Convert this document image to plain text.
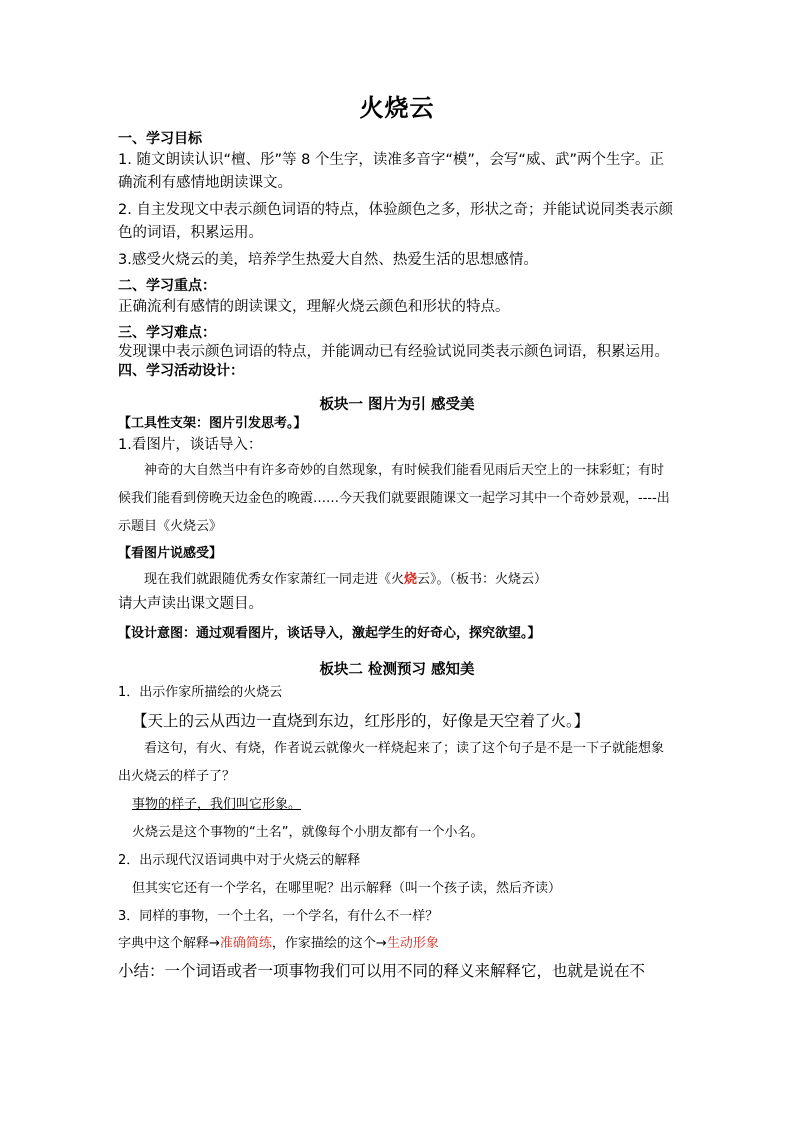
火烧云
一、学习目标
1. 随文朗读认识“檀、彤”等 8 个生字，读准多音字“模”，会写“威、武”两个生字。正确流利有感情地朗读课文。
2. 自主发现文中表示颜色词语的特点，体验颜色之多，形状之奇；并能试说同类表示颜色的词语，积累运用。
3.感受火烧云的美，培养学生热爱大自然、热爱生活的思想感情。
二、学习重点：
正确流利有感情的朗读课文，理解火烧云颜色和形状的特点。
三、学习难点：
发现课中表示颜色词语的特点，并能调动已有经验试说同类表示颜色词语，积累运用。
四、学习活动设计：
板块一 图片为引 感受美
【工具性支架：图片引发思考。】
1.看图片，谈话导入：
神奇的大自然当中有许多奇妙的自然现象，有时候我们能看见雨后天空上的一抹彩虹；有时候我们能看到傍晚天边金色的晚霞……今天我们就要跟随课文一起学习其中一个奇妙景观，----出示题目《火烧云》
【看图片说感受】
现在我们就跟随优秀女作家萧红一同走进《火烧云》。（板书：火烧云）
请大声读出课文题目。
【设计意图：通过观看图片，谈话导入，激起学生的好奇心，探究欲望。】
板块二 检测预习 感知美
1．出示作家所描绘的火烧云
【天上的云从西边一直烧到东边，红彤彤的，好像是天空着了火。】
看这句，有火、有烧，作者说云就像火一样烧起来了；读了这个句子是不是一下子就能想象出火烧云的样子了？
事物的样子，我们叫它形象。
火烧云是这个事物的“土名”，就像每个小朋友都有一个小名。
2．出示现代汉语词典中对于火烧云的解释
但其实它还有一个学名，在哪里呢？出示解释（叫一个孩子读，然后齐读）
3．同样的事物，一个土名，一个学名，有什么不一样？
字典中这个解释→准确简练，作家描绘的这个→生动形象
小结：一个词语或者一项事物我们可以用不同的释义来解释它，也就是说在不
